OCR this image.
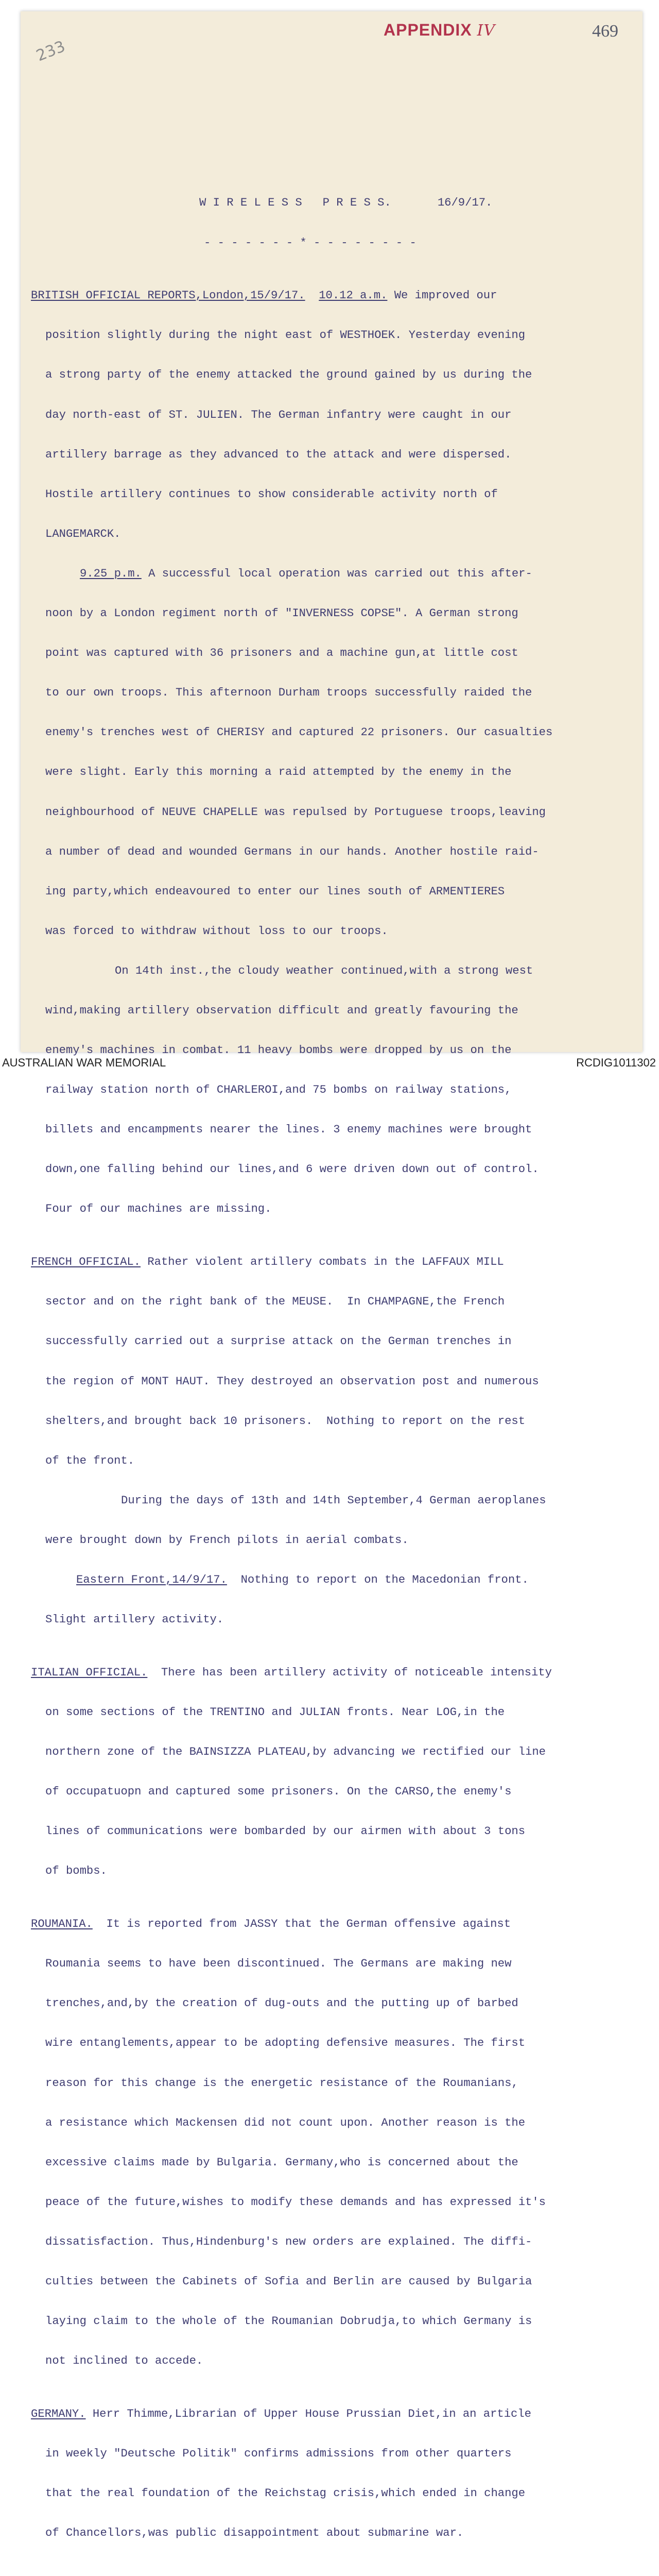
APPENDIX IV	469
233

W I R E L E S S   P R E S S.	16/9/17.

- - - - - - - * - - - - - - - -

BRITISH OFFICIAL REPORTS,London,15/9/17. 10.12 a.m. We improved our

position slightly during the night east of WESTHOEK. Yesterday evening

a strong party of the enemy attacked the ground gained by us during the

day north-east of ST. JULIEN. The German infantry were caught in our

artillery barrage as they advanced to the attack and were dispersed.

Hostile artillery continues to show considerable activity north of

LANGEMARCK.

9.25 p.m. A successful local operation was carried out this after-

noon by a London regiment north of "INVERNESS COPSE". A German strong

point was captured with 36 prisoners and a machine gun,at little cost

to our own troops. This afternoon Durham troops successfully raided the

enemy's trenches west of CHERISY and captured 22 prisoners. Our casualties

were slight. Early this morning a raid attempted by the enemy in the

neighbourhood of NEUVE CHAPELLE was repulsed by Portuguese troops,leaving

a number of dead and wounded Germans in our hands. Another hostile raid-

ing party,which endeavoured to enter our lines south of ARMENTIERES

was forced to withdraw without loss to our troops.

On 14th inst.,the cloudy weather continued,with a strong west

wind,making artillery observation difficult and greatly favouring the

enemy's machines in combat. 11 heavy bombs were dropped by us on the

railway station north of CHARLEROI,and 75 bombs on railway stations,

billets and encampments nearer the lines. 3 enemy machines were brought

down,one falling behind our lines,and 6 were driven down out of control.

Four of our machines are missing.

FRENCH OFFICIAL. Rather violent artillery combats in the LAFFAUX MILL

sector and on the right bank of the MEUSE.  In CHAMPAGNE,the French

successfully carried out a surprise attack on the German trenches in

the region of MONT HAUT. They destroyed an observation post and numerous

shelters,and brought back 10 prisoners.  Nothing to report on the rest

of the front.

During the days of 13th and 14th September,4 German aeroplanes

were brought down by French pilots in aerial combats.

Eastern Front,14/9/17.  Nothing to report on the Macedonian front.

Slight artillery activity.

ITALIAN OFFICIAL.  There has been artillery activity of noticeable intensity

on some sections of the TRENTINO and JULIAN fronts. Near LOG,in the

northern zone of the BAINSIZZA PLATEAU,by advancing we rectified our line

of occupatuopn and captured some prisoners. On the CARSO,the enemy's

lines of communications were bombarded by our airmen with about 3 tons

of bombs.

ROUMANIA.  It is reported from JASSY that the German offensive against

Roumania seems to have been discontinued. The Germans are making new

trenches,and,by the creation of dug-outs and the putting up of barbed

wire entanglements,appear to be adopting defensive measures. The first

reason for this change is the energetic resistance of the Roumanians,

a resistance which Mackensen did not count upon. Another reason is the

excessive claims made by Bulgaria. Germany,who is concerned about the

peace of the future,wishes to modify these demands and has expressed it's

dissatisfaction. Thus,Hindenburg's new orders are explained. The diffi-

culties between the Cabinets of Sofia and Berlin are caused by Bulgaria

laying claim to the whole of the Roumanian Dobrudja,to which Germany is

not inclined to accede.

GERMANY. Herr Thimme,Librarian of Upper House Prussian Diet,in an article

in weekly "Deutsche Politik" confirms admissions from other quarters

that the real foundation of the Reichstag crisis,which ended in change

of Chancellors,was public disappointment about submarine war.

AUSTRALIAN WAR MEMORIAL	RCDIG1011302
